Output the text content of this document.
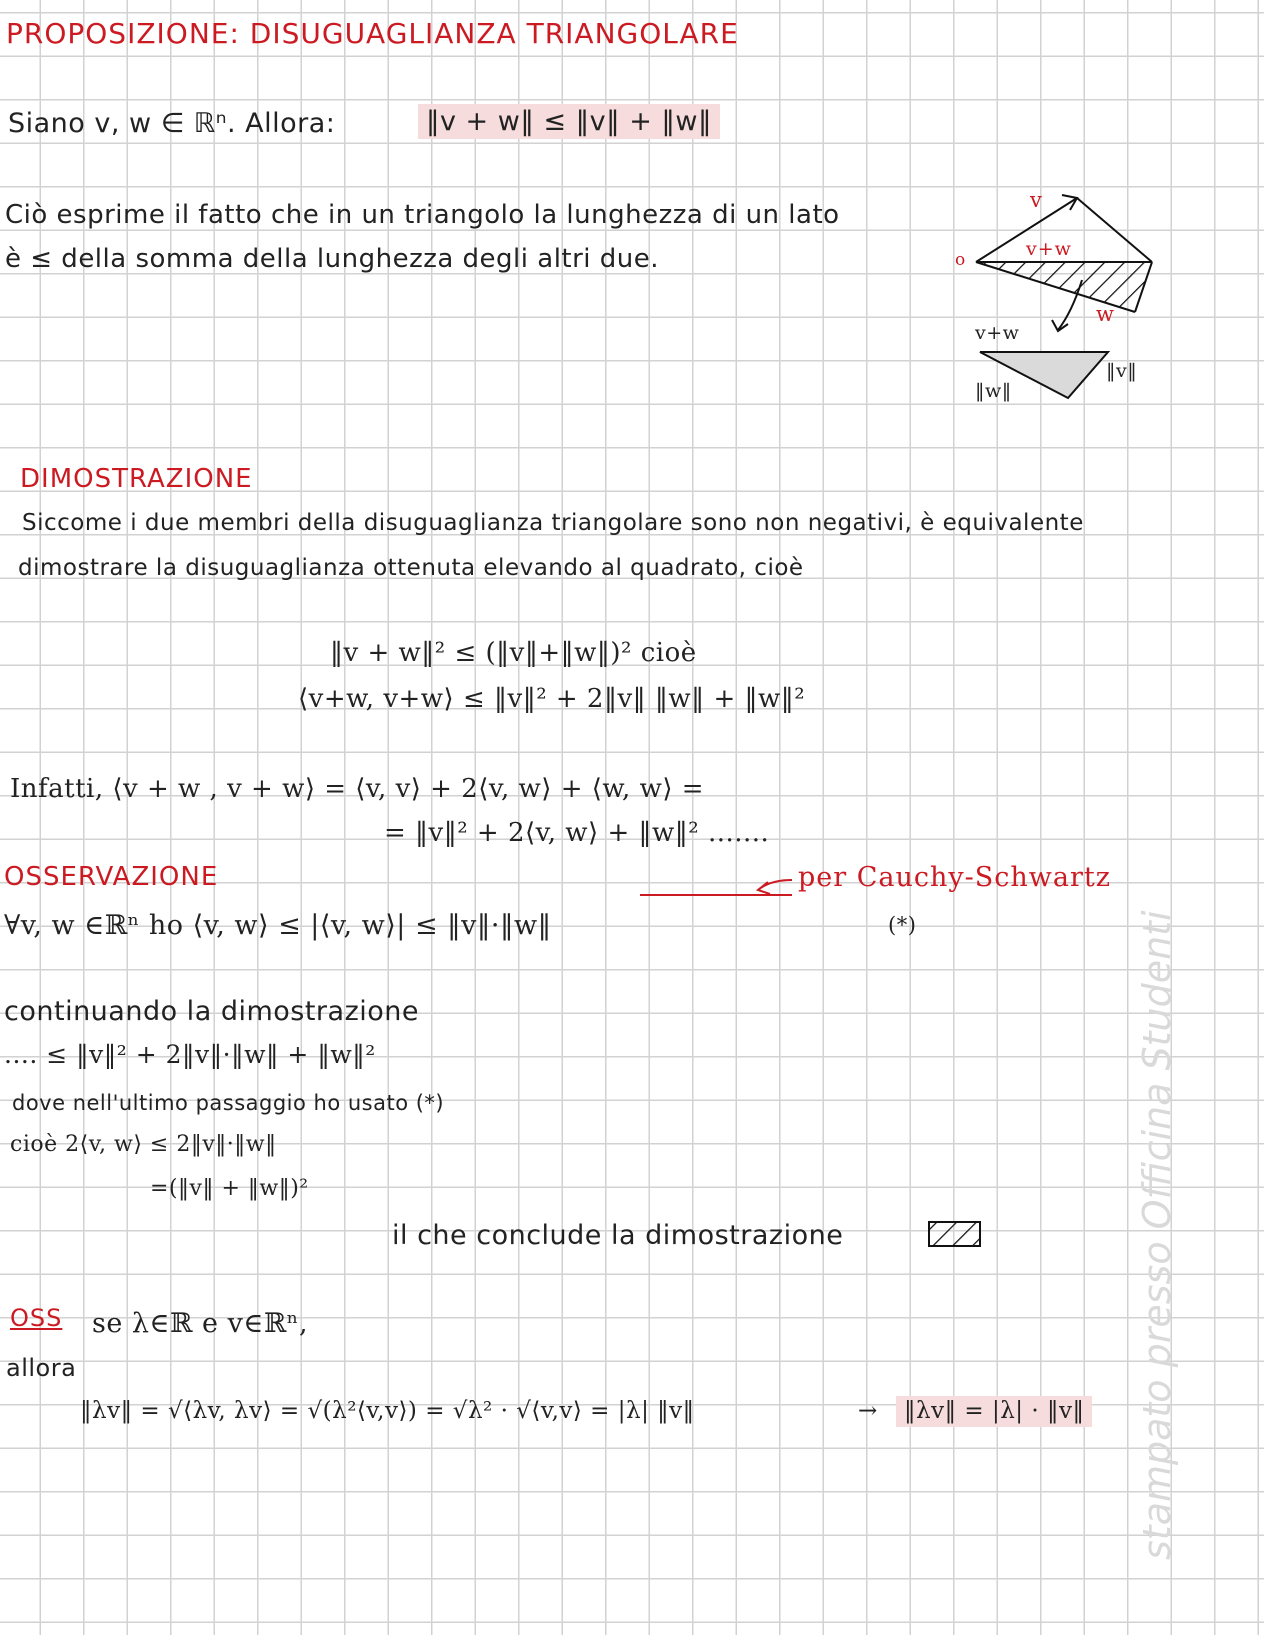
PROPOSIZIONE: DISUGUAGLIANZA TRIANGOLARE
Siano v, w ∈ ℝⁿ. Allora:	‖v + w‖ ≤ ‖v‖ + ‖w‖
Ciò esprime il fatto che in un triangolo la lunghezza di un lato
è ≤ della somma della lunghezza degli altri due.
v
v+w
w
o
v+w
‖w‖
‖v‖
DIMOSTRAZIONE
Siccome i due membri della disuguaglianza triangolare sono non negativi, è equivalente
dimostrare la disuguaglianza ottenuta elevando al quadrato, cioè
‖v + w‖² ≤ (‖v‖+‖w‖)² cioè
⟨v+w, v+w⟩ ≤ ‖v‖² + 2‖v‖ ‖w‖ + ‖w‖²
Infatti, ⟨v + w , v + w⟩ = ⟨v, v⟩ + 2⟨v, w⟩ + ⟨w, w⟩ =
= ‖v‖² + 2⟨v, w⟩ + ‖w‖² .......
OSSERVAZIONE	per Cauchy-Schwartz
∀v, w ∈ℝⁿ ho ⟨v, w⟩ ≤ |⟨v, w⟩| ≤ ‖v‖·‖w‖	(*)
continuando la dimostrazione
.... ≤ ‖v‖² + 2‖v‖·‖w‖ + ‖w‖²
dove nell'ultimo passaggio ho usato (*)
cioè 2⟨v, w⟩ ≤ 2‖v‖·‖w‖
=(‖v‖ + ‖w‖)²
il che conclude la dimostrazione
OSS se λ∈ℝ e v∈ℝⁿ,
allora
‖λv‖ = √⟨λv, λv⟩ = √(λ²⟨v,v⟩) = √λ² · √⟨v,v⟩ = |λ| ‖v‖	→	‖λv‖ = |λ| · ‖v‖ stampato presso Officina Studenti
